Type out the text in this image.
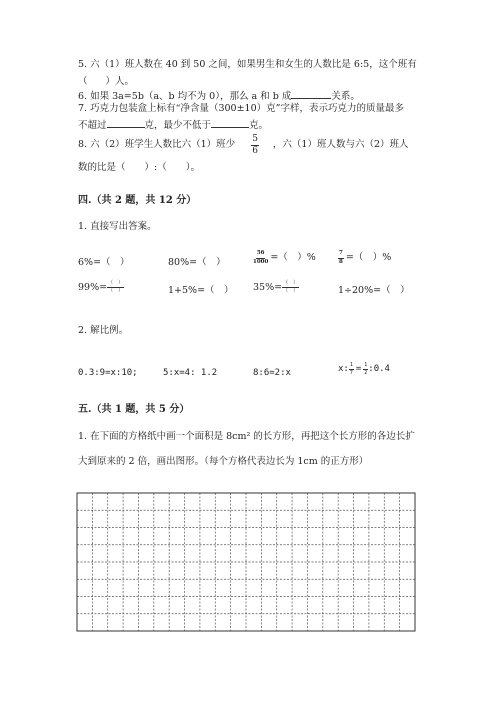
5. 六（1）班人数在 40 到 50 之间，如果男生和女生的人数比是 6:5，这个班有
（ ）人。
6. 如果 3a=5b（a、b 均不为 0），那么 a 和 b 成	关系。
7. 巧克力包装盒上标有“净含量（300±10）克”字样，表示巧克力的质量最多
不超过	克，最少不低于	克。
8. 六（2）班学生人数比六（1）班少 $\frac{5}{6}$ ，六（1）班人数与六（2）班人
数的比是（　　）:（　　）。
四.（共 2 题，共 12 分）
1. 直接写出答案。
6%=（　）	80%=（　）	$\frac{56}{1000}$ =（　）%	$\frac{7}{8}$ =（　）%
$99\%= \frac{( )}{( )}$	1+5%=（　） $35\%= \frac{( )}{( )}$	1÷20%=（　）
2. 解比例。
0.3:9=x:10;	5:x=4: 1.2	8:6=2:x	x: $\frac{1}{7} = \frac{1}{2}$ :0.4
五.（共 1 题，共 5 分）
1. 在下面的方格纸中画一个面积是 8cm² 的长方形，再把这个长方形的各边长扩
大到原来的 2 倍，画出图形。（每个方格代表边长为 1cm 的正方形）
